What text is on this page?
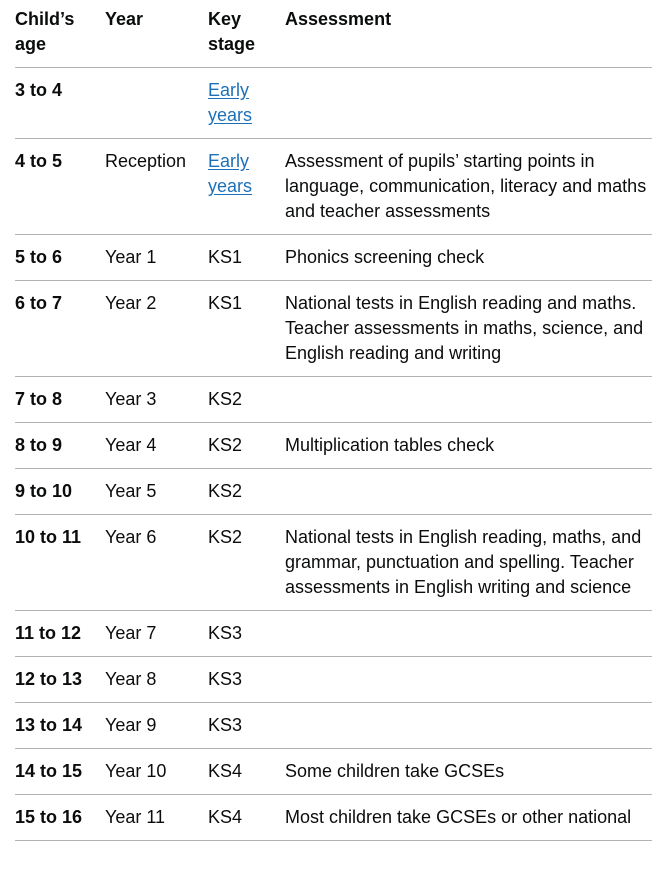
Child’s age	Year	Key stage	Assessment
3 to 4		Early years	
4 to 5	Reception	Early years	Assessment of pupils’ starting points in language, communication, literacy and maths and teacher assessments
5 to 6	Year 1	KS1	Phonics screening check
6 to 7	Year 2	KS1	National tests in English reading and maths. Teacher assessments in maths, science, and English reading and writing
7 to 8	Year 3	KS2	
8 to 9	Year 4	KS2	Multiplication tables check
9 to 10	Year 5	KS2	
10 to 11	Year 6	KS2	National tests in English reading, maths, and grammar, punctuation and spelling. Teacher assessments in English writing and science
11 to 12	Year 7	KS3	
12 to 13	Year 8	KS3	
13 to 14	Year 9	KS3	
14 to 15	Year 10	KS4	Some children take GCSEs
15 to 16	Year 11	KS4	Most children take GCSEs or other national
